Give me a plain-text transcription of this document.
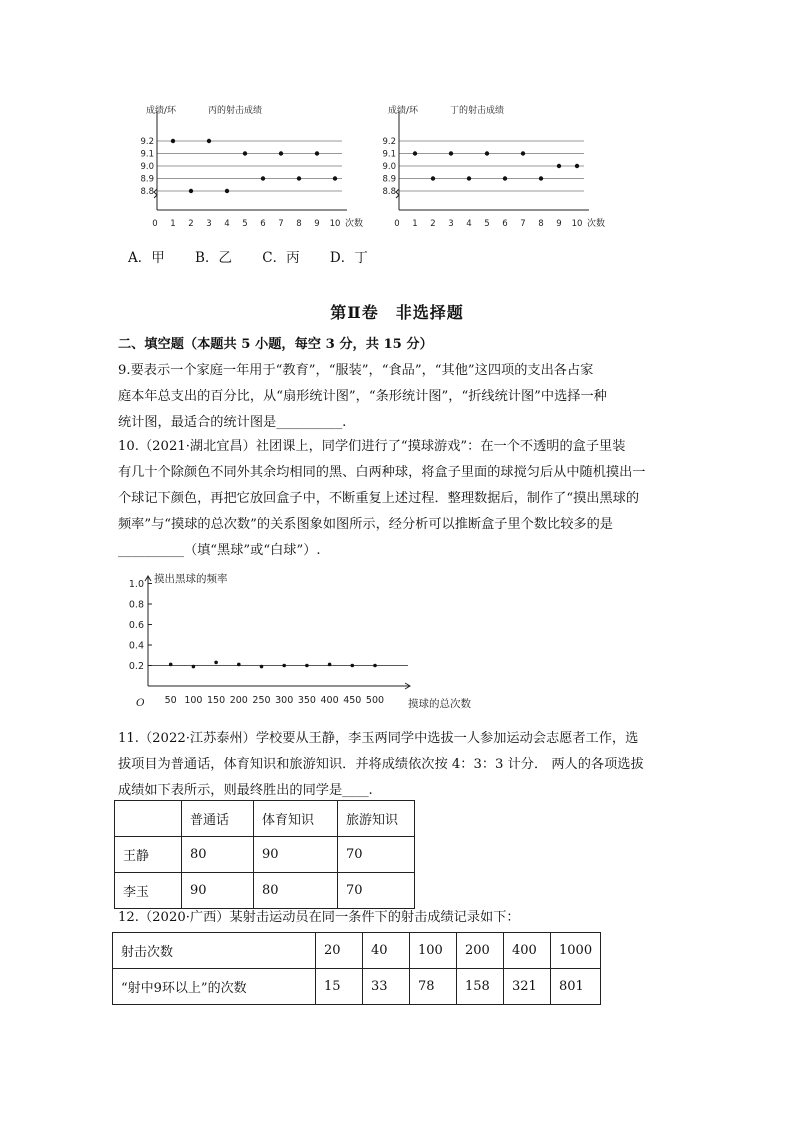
成绩/环	丙的射击成绩
9.2
9.1
9.0
8.9
8.8
0 1 2 3 4 5 6 7 8 9 10 次数
成绩/环	丁的射击成绩
9.2
9.1
9.0
8.9
8.8
0 1 2 3 4 5 6 7 8 9 10 次数
A．甲 B．乙 C．丙 D．丁
第Ⅱ卷　非选择题
二、填空题（本题共 5 小题，每空 3 分，共 15 分）
9.要表示一个家庭一年用于“教育”，“服装”，“食品”，“其他”这四项的支出各占家
庭本年总支出的百分比，从“扇形统计图”，“条形统计图”，“折线统计图”中选择一种
统计图，最适合的统计图是__________.
10.（2021·湖北宜昌）社团课上，同学们进行了“摸球游戏”：在一个不透明的盒子里装
有几十个除颜色不同外其余均相同的黑、白两种球，将盒子里面的球搅匀后从中随机摸出一
个球记下颜色，再把它放回盒子中，不断重复上述过程．整理数据后，制作了“摸出黑球的
频率”与“摸球的总次数”的关系图象如图所示，经分析可以推断盒子里个数比较多的是
__________（填“黑球”或“白球”）.
摸出黑球的频率
摸球的总次数
O
1.0
0.8
0.6
0.4
0.2
50 100 150 200 250 300 350 400 450 500
11.（2022·江苏泰州）学校要从王静，李玉两同学中选拔一人参加运动会志愿者工作，选
拔项目为普通话，体育知识和旅游知识．并将成绩依次按 4：3：3 计分． 两人的各项选拔
成绩如下表所示，则最终胜出的同学是____.
	普通话	体育知识	旅游知识
王静	80	90	70
李玉	90	80	70
12.（2020·广西）某射击运动员在同一条件下的射击成绩记录如下：
射击次数	20	40	100	200	400	1000
“射中9环以上”的次数	15	33	78	158	321	801
